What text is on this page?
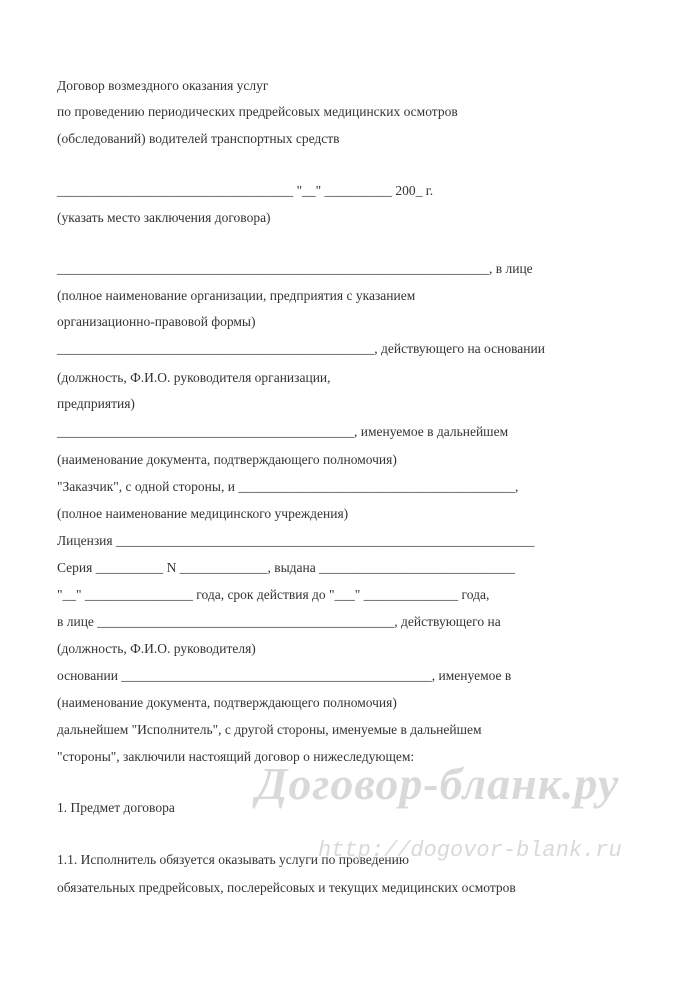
Договор возмездного оказания услуг
по проведению периодических предрейсовых медицинских осмотров
(обследований) водителей транспортных средств
___________________________________ "__" __________ 200_ г.
(указать место заключения договора)
________________________________________________________________, в лице
(полное наименование организации, предприятия с указанием
организационно-правовой формы)
_______________________________________________, действующего на основании
(должность, Ф.И.О. руководителя организации,
предприятия)
____________________________________________, именуемое в дальнейшем
(наименование документа, подтверждающего полномочия)
"Заказчик", с одной стороны, и _________________________________________,
(полное наименование медицинского учреждения)
Лицензия ______________________________________________________________
Серия __________ N _____________, выдана _____________________________
"__" ________________ года, срок действия до "___" ______________ года,
в лице ____________________________________________, действующего на
(должность, Ф.И.О. руководителя)
основании ______________________________________________, именуемое в
(наименование документа, подтверждающего полномочия)
дальнейшем "Исполнитель", с другой стороны, именуемые в дальнейшем
"стороны", заключили настоящий договор о нижеследующем:
1. Предмет договора
1.1. Исполнитель обязуется оказывать услуги по проведению
обязательных предрейсовых, послерейсовых и текущих медицинских осмотров
Договор-бланк.ру
http://dogovor-blank.ru
